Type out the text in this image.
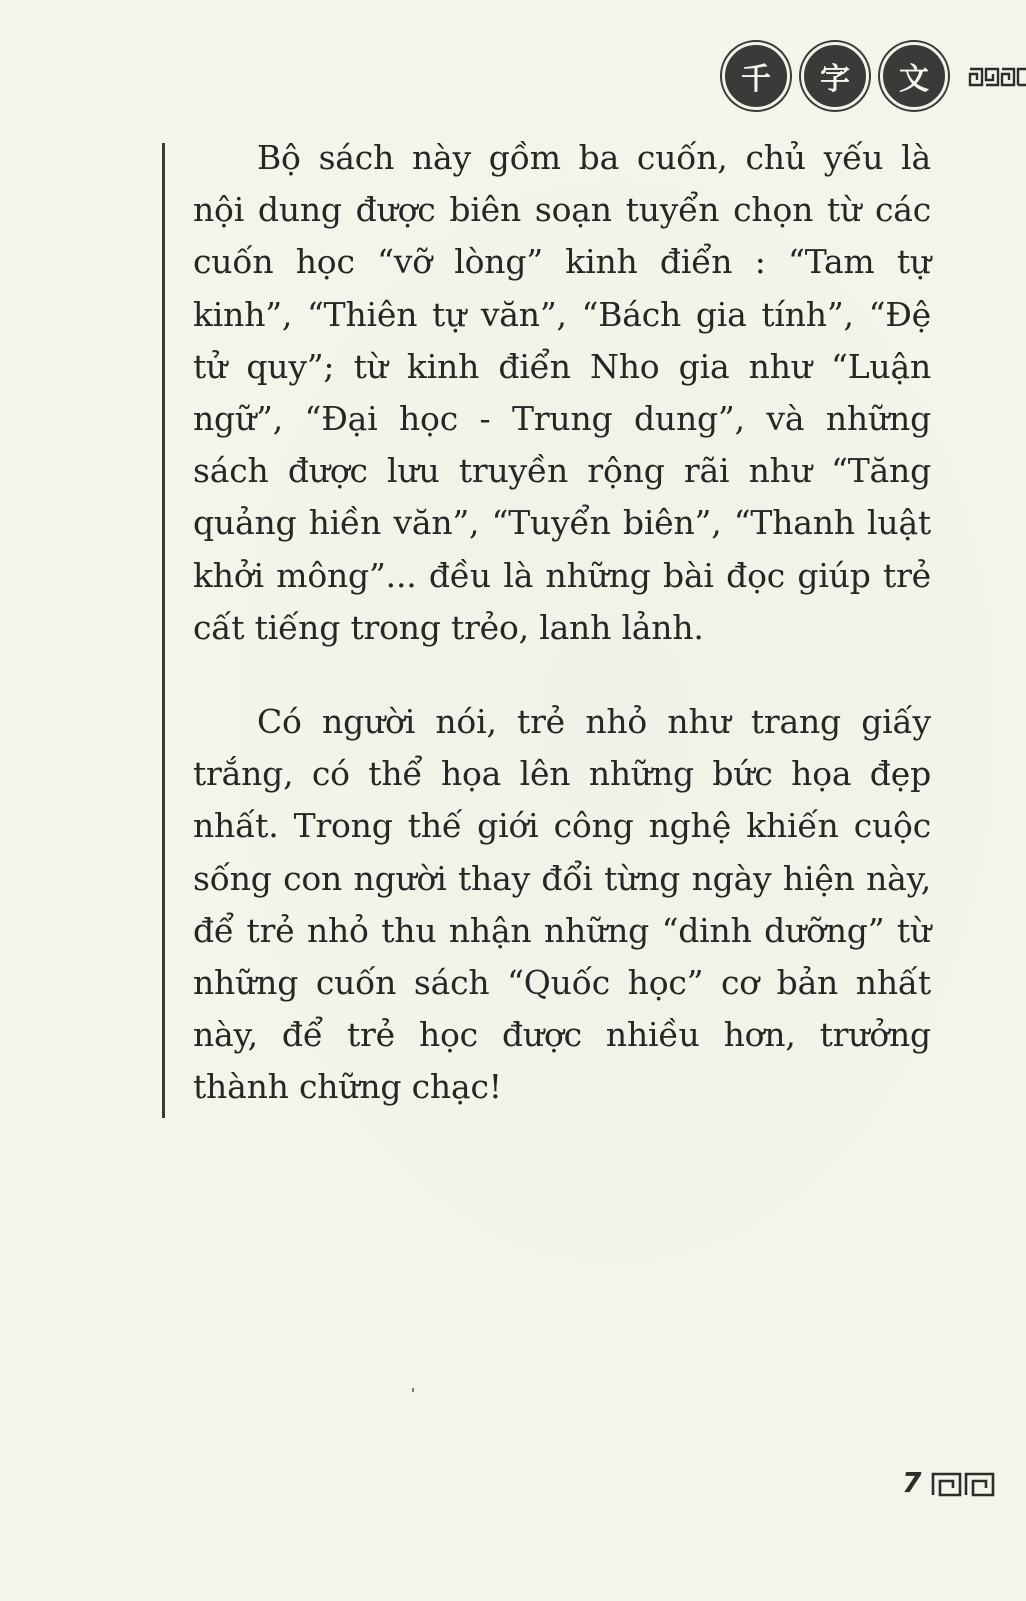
千	字	文

Bộ sách này gồm ba cuốn, chủ yếu là nội dung được biên soạn tuyển chọn từ các cuốn học “vỡ lòng” kinh điển : “Tam tự kinh”, “Thiên tự văn”, “Bách gia tính”, “Đệ tử quy”; từ kinh điển Nho gia như “Luận ngữ”, “Đại học - Trung dung”, và những sách được lưu truyền rộng rãi như “Tăng quảng hiền văn”, “Tuyển biên”, “Thanh luật khởi mông”... đều là những bài đọc giúp trẻ cất tiếng trong trẻo, lanh lảnh.

Có người nói, trẻ nhỏ như trang giấy trắng, có thể họa lên những bức họa đẹp nhất. Trong thế giới công nghệ khiến cuộc sống con người thay đổi từng ngày hiện này, để trẻ nhỏ thu nhận những “dinh dưỡng” từ những cuốn sách “Quốc học” cơ bản nhất này, để trẻ học được nhiều hơn, trưởng thành chững chạc!

7
